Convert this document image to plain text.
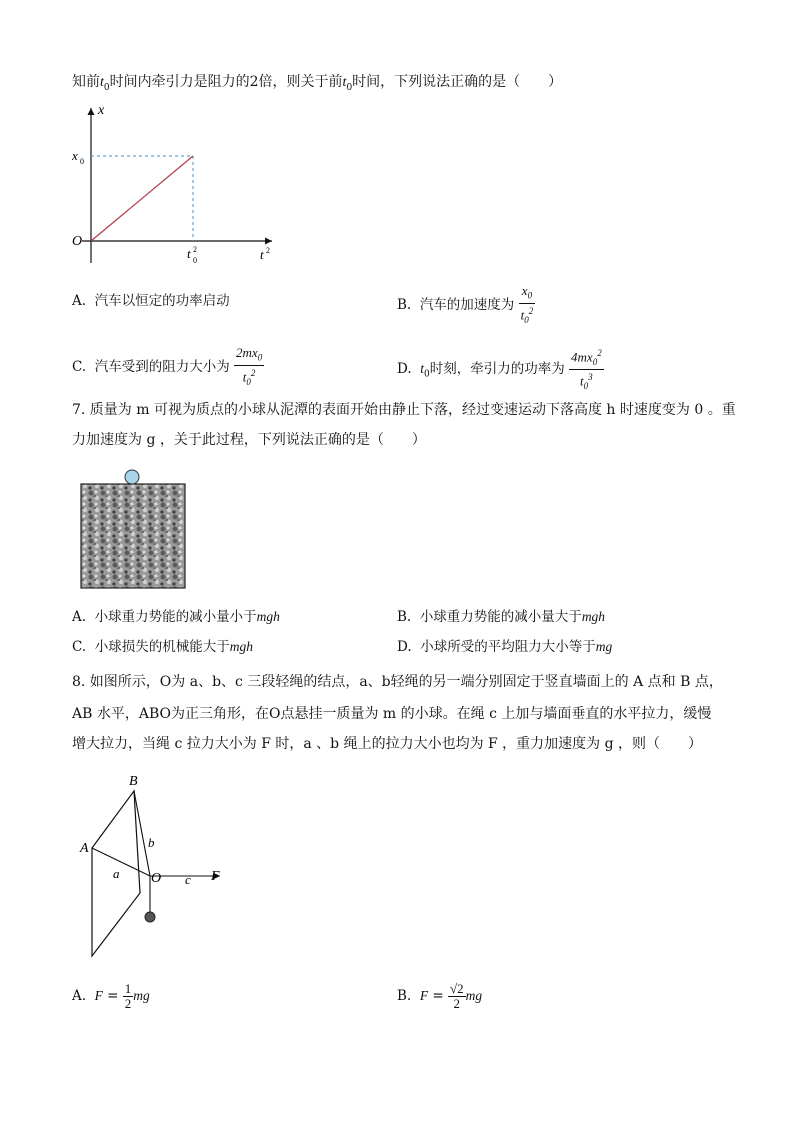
知前$t_0$时间内牵引力是阻力的2倍，则关于前$t_0$时间，下列说法正确的是（　　）
x
O
x 0
t 2
0	t 2
A. 汽车以恒定的功率启动	B. 汽车的加速度为 $\frac{x_0}{t_0^2}$
C. 汽车受到的阻力大小为 $\frac{2mx_0}{t_0^2}$	D. $t_0$时刻，牵引力的功率为 $\frac{4mx_0^2}{t_0^3}$
7. 质量为 m 可视为质点的小球从泥潭的表面开始由静止下落，经过变速运动下落高度 h 时速度变为 0 。重
力加速度为 g ，关于此过程，下列说法正确的是（　　）
A. 小球重力势能的减小量小于mgh	B. 小球重力势能的减小量大于mgh
C. 小球损失的机械能大于mgh	D. 小球所受的平均阻力大小等于mg
8. 如图所示，O为 a、b、c 三段轻绳的结点，a、b轻绳的另一端分别固定于竖直墙面上的 A 点和 B 点，
AB 水平，ABO为正三角形，在O点悬挂一质量为 m 的小球。在绳 c 上加与墙面垂直的水平拉力，缓慢
增大拉力，当绳 c 拉力大小为 F 时，a 、b 绳上的拉力大小也均为 F ，重力加速度为 g ，则（　　）
B
A
O
a
b
c F
A. $F = \frac{1}{2}$ mg	B. $F = \frac{√2}{2}$ mg
